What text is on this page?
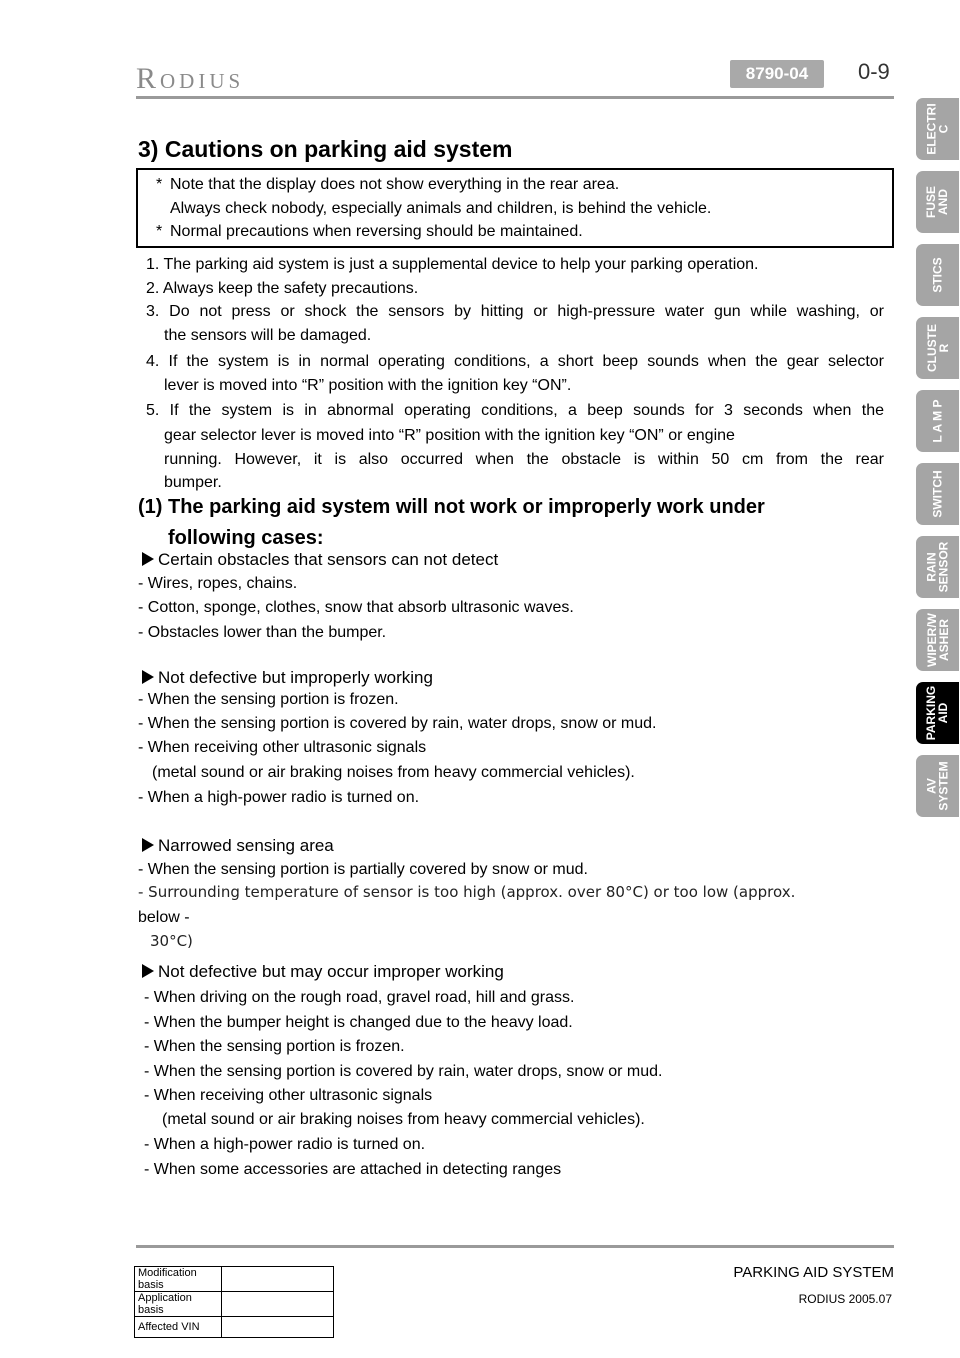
Rodius	8790-04	0-9
ELECTRI
C
FUSE
AND
STICS
CLUSTE
R
L A M P
SWITCH
RAIN
SENSOR
WIPER/W
ASHER
PARKING
AID
AV
SYSTEM
3) Cautions on parking aid system
* Note that the display does not show everything in the rear area.
Always check nobody, especially animals and children, is behind the vehicle.
* Normal precautions when reversing should be maintained.
1. The parking aid system is just a supplemental device to help your parking operation.
2. Always keep the safety precautions.
3. Do not press or shock the sensors by hitting or high-pressure water gun while washing, or
the sensors will be damaged.
4. If the system is in normal operating conditions, a short beep sounds when the gear selector
lever is moved into “R” position with the ignition key “ON”.
5. If the system is in abnormal operating conditions, a beep sounds for 3 seconds when the
gear selector lever is moved into “R” position with the ignition key “ON” or engine
running. However, it is also occurred when the obstacle is within 50 cm from the rear
bumper.
(1) The parking aid system will not work or improperly work under
following cases:
Certain obstacles that sensors can not detect
- Wires, ropes, chains.
- Cotton, sponge, clothes, snow that absorb ultrasonic waves.
- Obstacles lower than the bumper.
Not defective but improperly working
- When the sensing portion is frozen.
- When the sensing portion is covered by rain, water drops, snow or mud.
- When receiving other ultrasonic signals
(metal sound or air braking noises from heavy commercial vehicles).
- When a high-power radio is turned on.
Narrowed sensing area
- When the sensing portion is partially covered by snow or mud.
- Surrounding temperature of sensor is too high (approx. over 80°C) or too low (approx.
below -
30°C)
Not defective but may occur improper working
- When driving on the rough road, gravel road, hill and grass.
- When the bumper height is changed due to the heavy load.
- When the sensing portion is frozen.
- When the sensing portion is covered by rain, water drops, snow or mud.
- When receiving other ultrasonic signals
(metal sound or air braking noises from heavy commercial vehicles).
- When a high-power radio is turned on.
- When some accessories are attached in detecting ranges
PARKING AID SYSTEM
RODIUS 2005.07
Modification basis	
Application basis	
Affected VIN	
